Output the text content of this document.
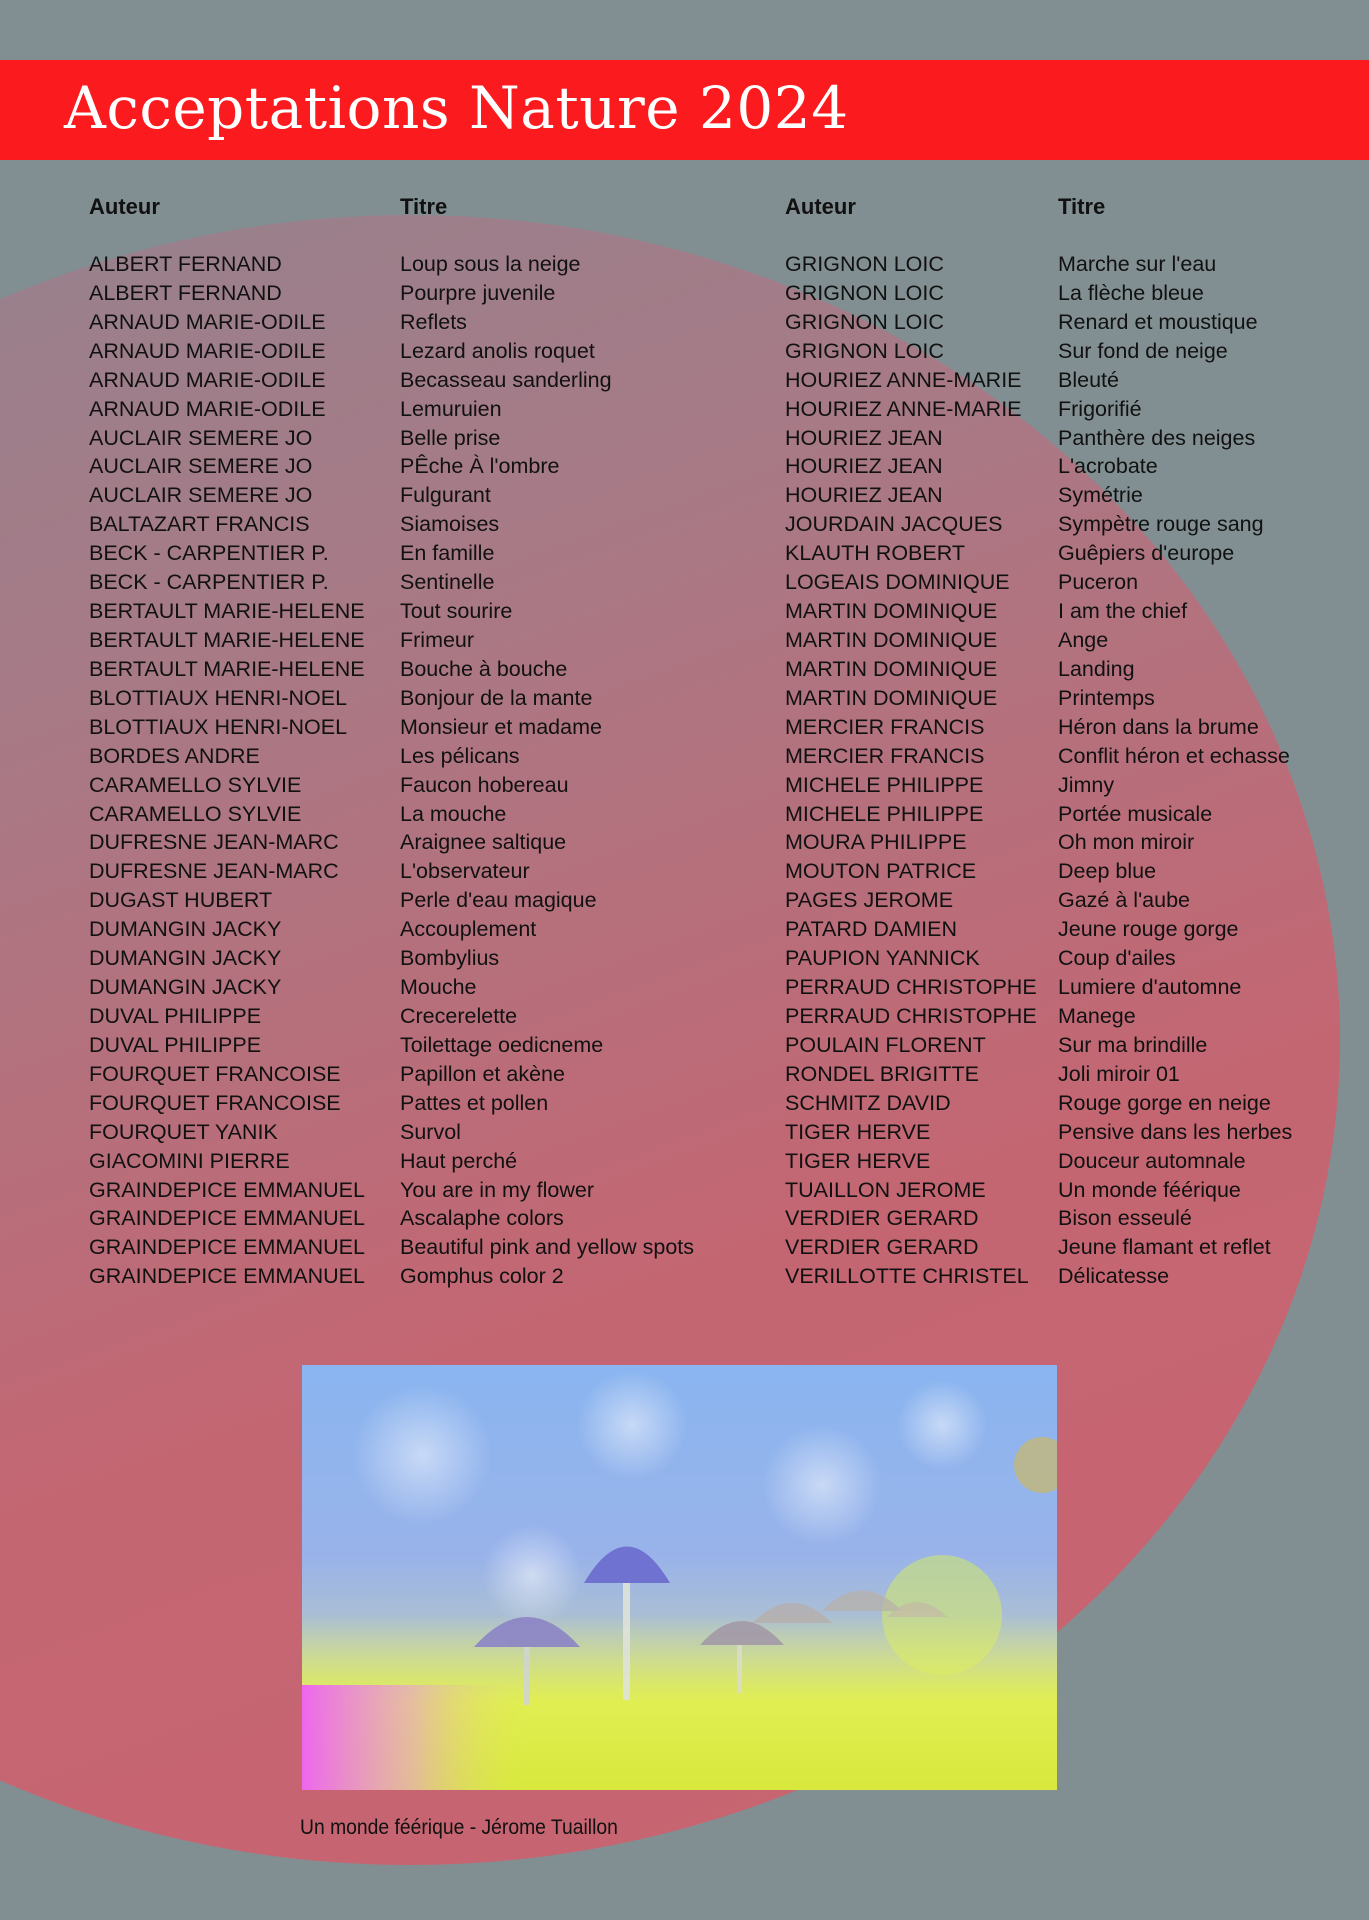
Acceptations Nature 2024
Auteur
ALBERT FERNAND
ALBERT FERNAND
ARNAUD MARIE-ODILE
ARNAUD MARIE-ODILE
ARNAUD MARIE-ODILE
ARNAUD MARIE-ODILE
AUCLAIR SEMERE JO
AUCLAIR SEMERE JO
AUCLAIR SEMERE JO
BALTAZART FRANCIS
BECK - CARPENTIER P.
BECK - CARPENTIER P.
BERTAULT MARIE-HELENE
BERTAULT MARIE-HELENE
BERTAULT MARIE-HELENE
BLOTTIAUX HENRI-NOEL
BLOTTIAUX HENRI-NOEL
BORDES ANDRE
CARAMELLO SYLVIE
CARAMELLO SYLVIE
DUFRESNE JEAN-MARC
DUFRESNE JEAN-MARC
DUGAST HUBERT
DUMANGIN JACKY
DUMANGIN JACKY
DUMANGIN JACKY
DUVAL PHILIPPE
DUVAL PHILIPPE
FOURQUET FRANCOISE
FOURQUET FRANCOISE
FOURQUET YANIK
GIACOMINI PIERRE
GRAINDEPICE EMMANUEL
GRAINDEPICE EMMANUEL
GRAINDEPICE EMMANUEL
GRAINDEPICE EMMANUEL
Titre
Loup sous la neige
Pourpre juvenile
Reflets
Lezard anolis roquet
Becasseau sanderling
Lemuruien
Belle prise
PÊche À l'ombre
Fulgurant
Siamoises
En famille
Sentinelle
Tout sourire
Frimeur
Bouche à bouche
Bonjour de la mante
Monsieur et madame
Les pélicans
Faucon hobereau
La mouche
Araignee saltique
L'observateur
Perle d'eau magique
Accouplement
Bombylius
Mouche
Crecerelette
Toilettage oedicneme
Papillon et akène
Pattes et pollen
Survol
Haut perché
You are in my flower
Ascalaphe colors
Beautiful pink and yellow spots
Gomphus color 2
Auteur
GRIGNON LOIC
GRIGNON LOIC
GRIGNON LOIC
GRIGNON LOIC
HOURIEZ ANNE-MARIE
HOURIEZ ANNE-MARIE
HOURIEZ JEAN
HOURIEZ JEAN
HOURIEZ JEAN
JOURDAIN JACQUES
KLAUTH ROBERT
LOGEAIS DOMINIQUE
MARTIN DOMINIQUE
MARTIN DOMINIQUE
MARTIN DOMINIQUE
MARTIN DOMINIQUE
MERCIER FRANCIS
MERCIER FRANCIS
MICHELE PHILIPPE
MICHELE PHILIPPE
MOURA PHILIPPE
MOUTON PATRICE
PAGES JEROME
PATARD DAMIEN
PAUPION YANNICK
PERRAUD CHRISTOPHE
PERRAUD CHRISTOPHE
POULAIN FLORENT
RONDEL BRIGITTE
SCHMITZ DAVID
TIGER HERVE
TIGER HERVE
TUAILLON JEROME
VERDIER GERARD
VERDIER GERARD
VERILLOTTE CHRISTEL
Titre
Marche sur l'eau
La flèche bleue
Renard et moustique
Sur fond de neige
Bleuté
Frigorifié
Panthère des neiges
L'acrobate
Symétrie
Sympètre rouge sang
Guêpiers d'europe
Puceron
I am the chief
Ange
Landing
Printemps
Héron dans la brume
Conflit héron et echasse
Jimny
Portée musicale
Oh mon miroir
Deep blue
Gazé à l'aube
Jeune rouge gorge
Coup d'ailes
Lumiere d'automne
Manege
Sur ma brindille
Joli miroir 01
Rouge gorge en neige
Pensive dans les herbes
Douceur automnale
Un monde féérique
Bison esseulé
Jeune flamant et reflet
Délicatesse
Un monde féérique - Jérome Tuaillon
